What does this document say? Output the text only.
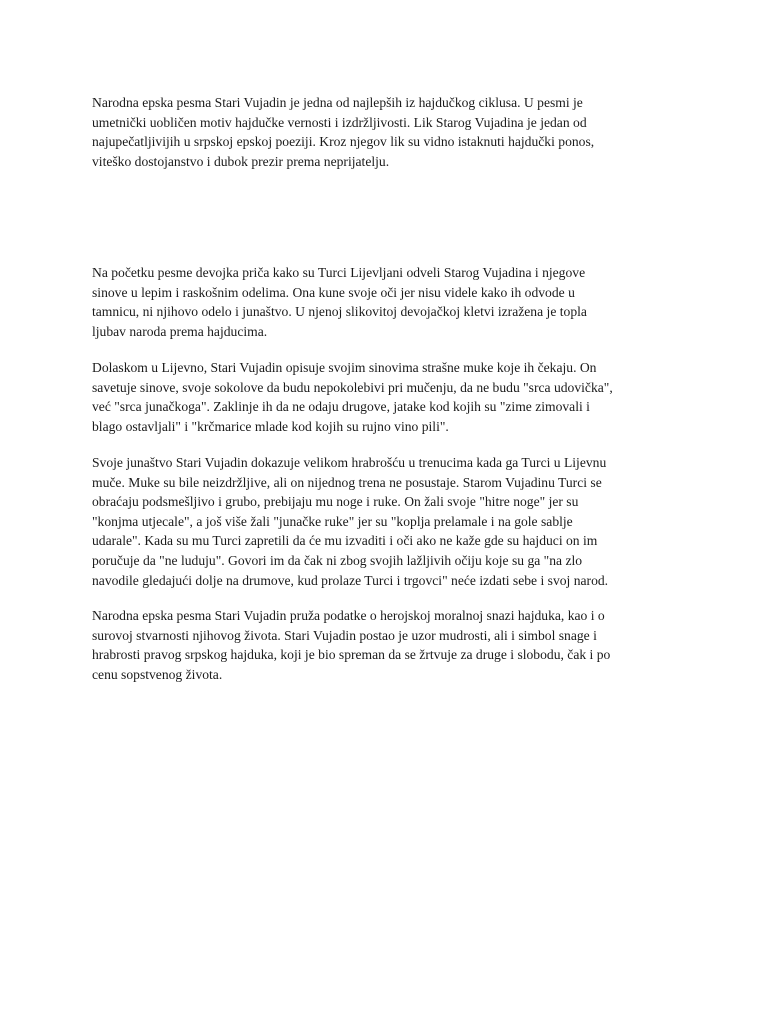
Narodna epska pesma Stari Vujadin je jedna od najlepših iz hajdučkog ciklusa. U pesmi je
umetnički uobličen motiv hajdučke vernosti i izdržljivosti. Lik Starog Vujadina je jedan od
najupečatljivijih u srpskoj epskoj poeziji. Kroz njegov lik su vidno istaknuti hajdučki ponos,
viteško dostojanstvo i dubok prezir prema neprijatelju.

Na početku pesme devojka priča kako su Turci Lijevljani odveli Starog Vujadina i njegove
sinove u lepim i raskošnim odelima. Ona kune svoje oči jer nisu videle kako ih odvode u
tamnicu, ni njihovo odelo i junaštvo. U njenoj slikovitoj devojačkoj kletvi izražena je topla
ljubav naroda prema hajducima.

Dolaskom u Lijevno, Stari Vujadin opisuje svojim sinovima strašne muke koje ih čekaju. On
savetuje sinove, svoje sokolove da budu nepokolebivi pri mučenju, da ne budu "srca udovička",
već "srca junačkoga". Zaklinje ih da ne odaju drugove, jatake kod kojih su "zime zimovali i
blago ostavljali" i "krčmarice mlade kod kojih su rujno vino pili".

Svoje junaštvo Stari Vujadin dokazuje velikom hrabrošću u trenucima kada ga Turci u Lijevnu
muče. Muke su bile neizdržljive, ali on nijednog trena ne posustaje. Starom Vujadinu Turci se
obraćaju podsmešljivo i grubo, prebijaju mu noge i ruke. On žali svoje "hitre noge" jer su
"konjma utjecale", a još više žali "junačke ruke" jer su "koplja prelamale i na gole sablje
udarale". Kada su mu Turci zapretili da će mu izvaditi i oči ako ne kaže gde su hajduci on im
poručuje da "ne luduju". Govori im da čak ni zbog svojih lažljivih očiju koje su ga "na zlo
navodile gledajući dolje na drumove, kud prolaze Turci i trgovci" neće izdati sebe i svoj narod.

Narodna epska pesma Stari Vujadin pruža podatke o herojskoj moralnoj snazi hajduka, kao i o
surovoj stvarnosti njihovog života. Stari Vujadin postao je uzor mudrosti, ali i simbol snage i
hrabrosti pravog srpskog hajduka, koji je bio spreman da se žrtvuje za druge i slobodu, čak i po
cenu sopstvenog života.
